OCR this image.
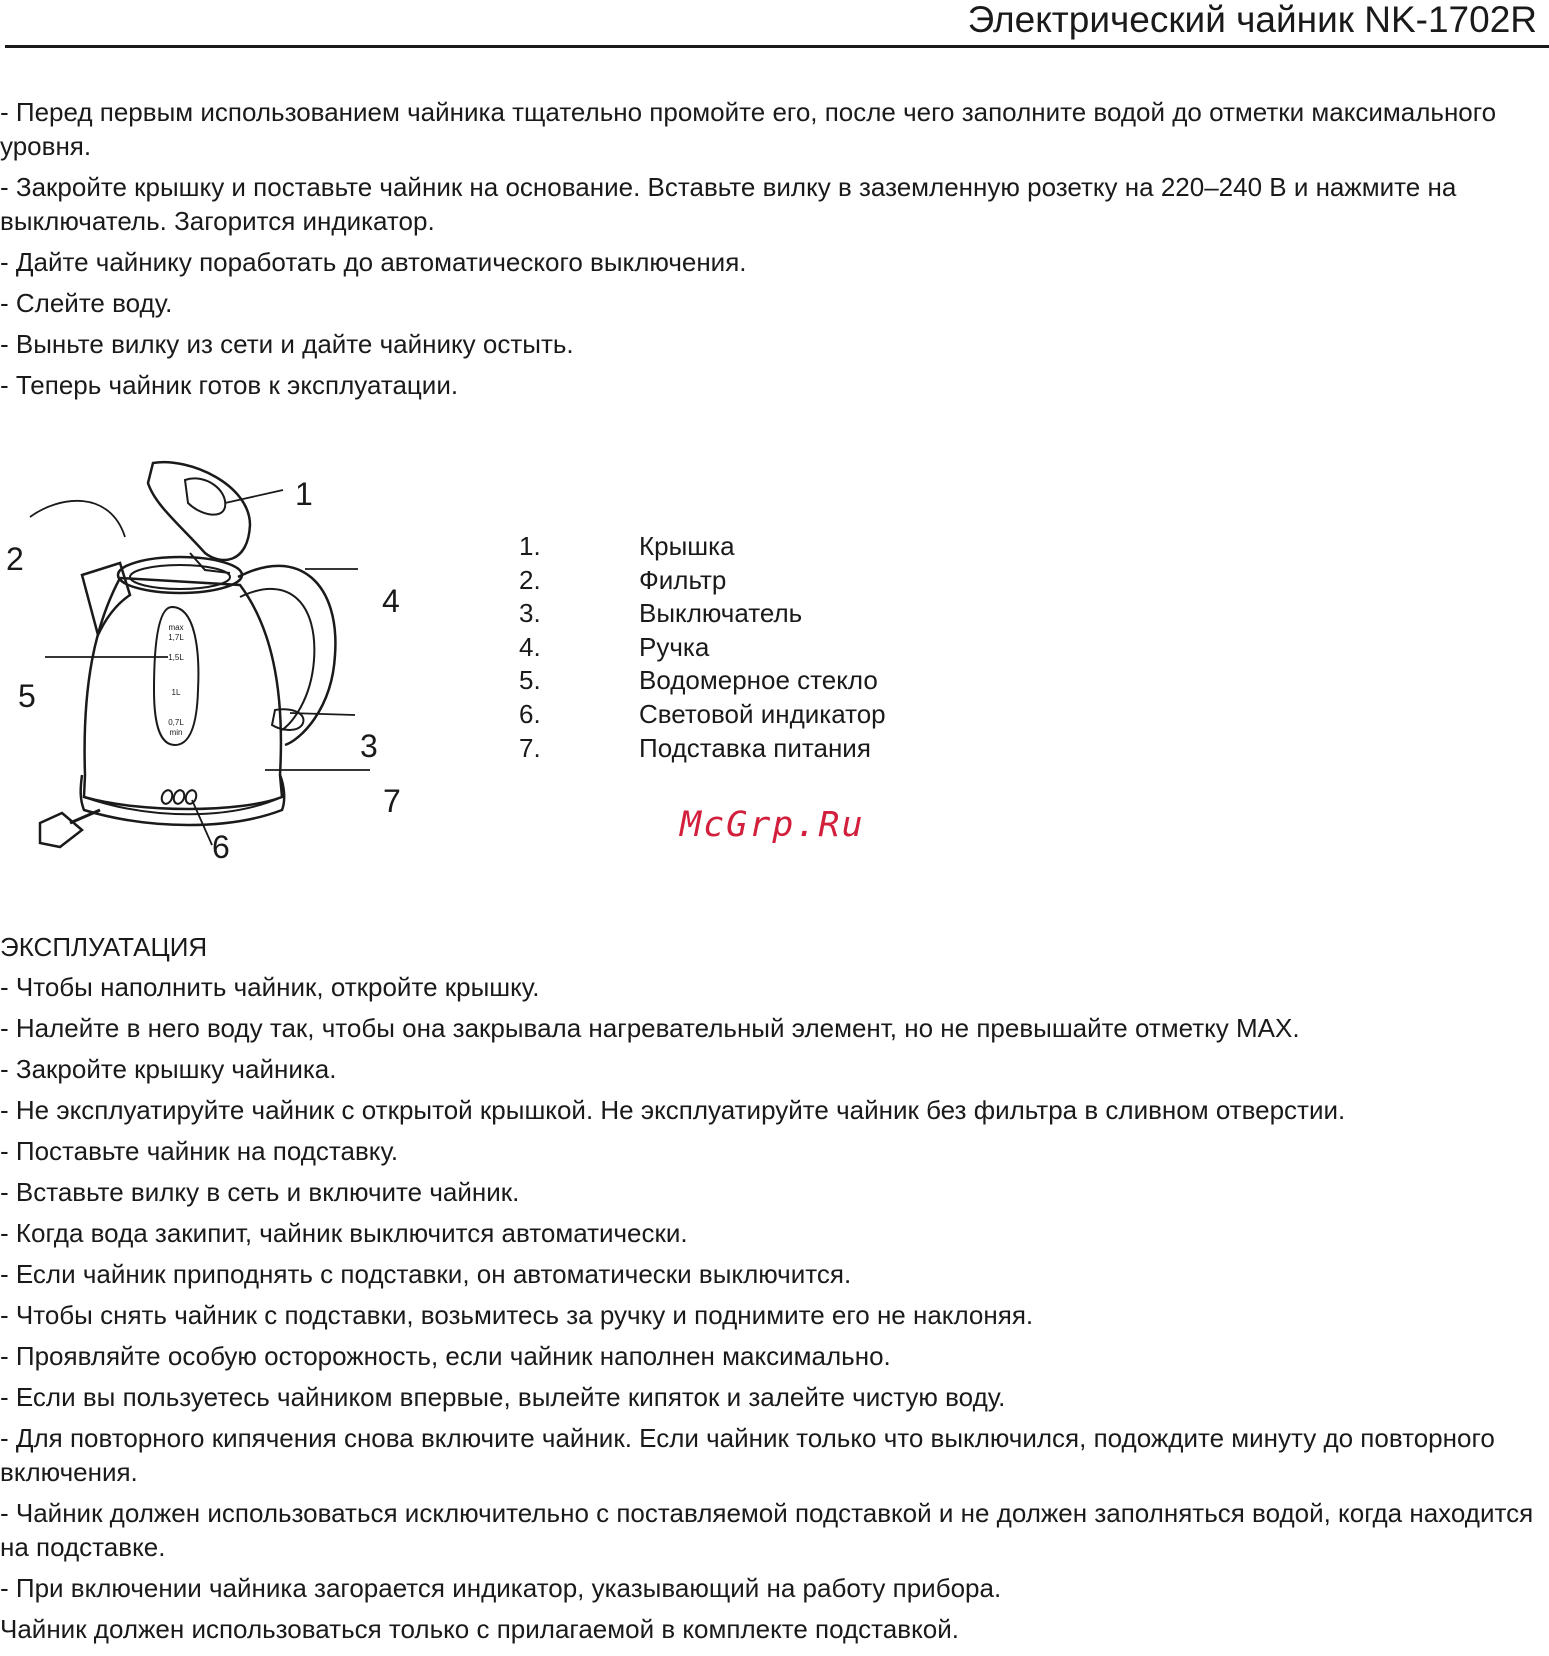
Электрический чайник NK-1702R

- Перед первым использованием чайника тщательно промойте его, после чего заполните водой до отметки максимального уровня.

- Закройте крышку и поставьте чайник на основание. Вставьте вилку в заземленную розетку на 220–240 В и нажмите на выключатель. Загорится индикатор.

- Дайте чайнику поработать до автоматического выключения.

- Слейте воду.

- Выньте вилку из сети и дайте чайнику остыть.

- Теперь чайник готов к эксплуатации.

max
1,7L
1,5L
1L
0,7L
min
1
2
3
4
5
6
7
1.	Крышка
2.	Фильтр
3.	Выключатель
4.	Ручка
5.	Водомерное стекло
6.	Световой индикатор
7.	Подставка питания
McGrp.Ru

ЭКСПЛУАТАЦИЯ

- Чтобы наполнить чайник, откройте крышку.

- Налейте в него воду так, чтобы она закрывала нагревательный элемент, но не превышайте отметку MAX.

- Закройте крышку чайника.

- Не эксплуатируйте чайник с открытой крышкой. Не эксплуатируйте чайник без фильтра в сливном отверстии.

- Поставьте чайник на подставку.

- Вставьте вилку в сеть и включите чайник.

- Когда вода закипит, чайник выключится автоматически.

- Если чайник приподнять с подставки, он автоматически выключится.

- Чтобы снять чайник с подставки, возьмитесь за ручку и поднимите его не наклоняя.

- Проявляйте особую осторожность, если чайник наполнен максимально.

- Если вы пользуетесь чайником впервые, вылейте кипяток и залейте чистую воду.

- Для повторного кипячения снова включите чайник. Если чайник только что выключился, подождите минуту до повторного включения.

- Чайник должен использоваться исключительно с поставляемой подставкой и не должен заполняться водой, когда находится на подставке.

- При включении чайника загорается индикатор, указывающий на работу прибора.

Чайник должен использоваться только с прилагаемой в комплекте подставкой.
